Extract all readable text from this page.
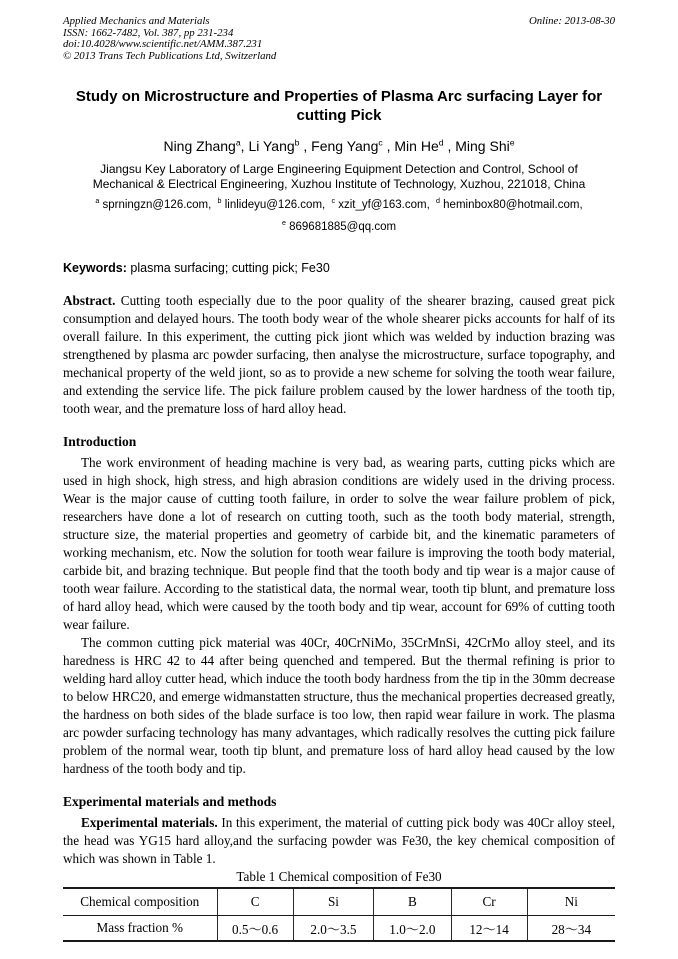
Applied Mechanics and Materials
ISSN: 1662-7482, Vol. 387, pp 231-234
doi:10.4028/www.scientific.net/AMM.387.231
© 2013 Trans Tech Publications Ltd, Switzerland
Online: 2013-08-30
Study on Microstructure and Properties of Plasma Arc surfacing Layer for cutting Pick
Ning Zhang$^a$, Li Yang$^b$ , Feng Yang$^c$ , Min He$^d$ , Ming Shi$^e$
Jiangsu Key Laboratory of Large Engineering Equipment Detection and Control, School of Mechanical & Electrical Engineering, Xuzhou Institute of Technology, Xuzhou, 221018, China
$^a$ sprningzn@126.com, $^b$ linlideyu@126.com, $^c$ xzit_yf@163.com, $^d$ heminbox80@hotmail.com,
$^e$ 869681885@qq.com

Keywords: plasma surfacing; cutting pick; Fe30

Abstract. Cutting tooth especially due to the poor quality of the shearer brazing, caused great pick consumption and delayed hours. The tooth body wear of the whole shearer picks accounts for half of its overall failure. In this experiment, the cutting pick jiont which was welded by induction brazing was strengthened by plasma arc powder surfacing, then analyse the microstructure, surface topography, and mechanical property of the weld jiont, so as to provide a new scheme for solving the tooth wear failure, and extending the service life. The pick failure problem caused by the lower hardness of the tooth tip, tooth wear, and the premature loss of hard alloy head.

Introduction

The work environment of heading machine is very bad, as wearing parts, cutting picks which are used in high shock, high stress, and high abrasion conditions are widely used in the driving process. Wear is the major cause of cutting tooth failure, in order to solve the wear failure problem of pick, researchers have done a lot of research on cutting tooth, such as the tooth body material, strength, structure size, the material properties and geometry of carbide bit, and the kinematic parameters of working mechanism, etc. Now the solution for tooth wear failure is improving the tooth body material, carbide bit, and brazing technique. But people find that the tooth body and tip wear is a major cause of tooth wear failure. According to the statistical data, the normal wear, tooth tip blunt, and premature loss of hard alloy head, which were caused by the tooth body and tip wear, account for 69% of cutting tooth wear failure.

The common cutting pick material was 40Cr, 40CrNiMo, 35CrMnSi, 42CrMo alloy steel, and its haredness is HRC 42 to 44 after being quenched and tempered. But the thermal refining is prior to welding hard alloy cutter head, which induce the tooth body hardness from the tip in the 30mm decrease to below HRC20, and emerge widmanstatten structure, thus the mechanical properties decreased greatly, the hardness on both sides of the blade surface is too low, then rapid wear failure in work. The plasma arc powder surfacing technology has many advantages, which radically resolves the cutting pick failure problem of the normal wear, tooth tip blunt, and premature loss of hard alloy head caused by the low hardness of the tooth body and tip.

Experimental materials and methods

Experimental materials. In this experiment, the material of cutting pick body was 40Cr alloy steel, the head was YG15 hard alloy,and the surfacing powder was Fe30, the key chemical composition of which was shown in Table 1.

Table 1 Chemical composition of Fe30
Chemical composition	C	Si	B	Cr	Ni
Mass fraction %	0.5～0.6	2.0～3.5	1.0～2.0	12～14	28～34
